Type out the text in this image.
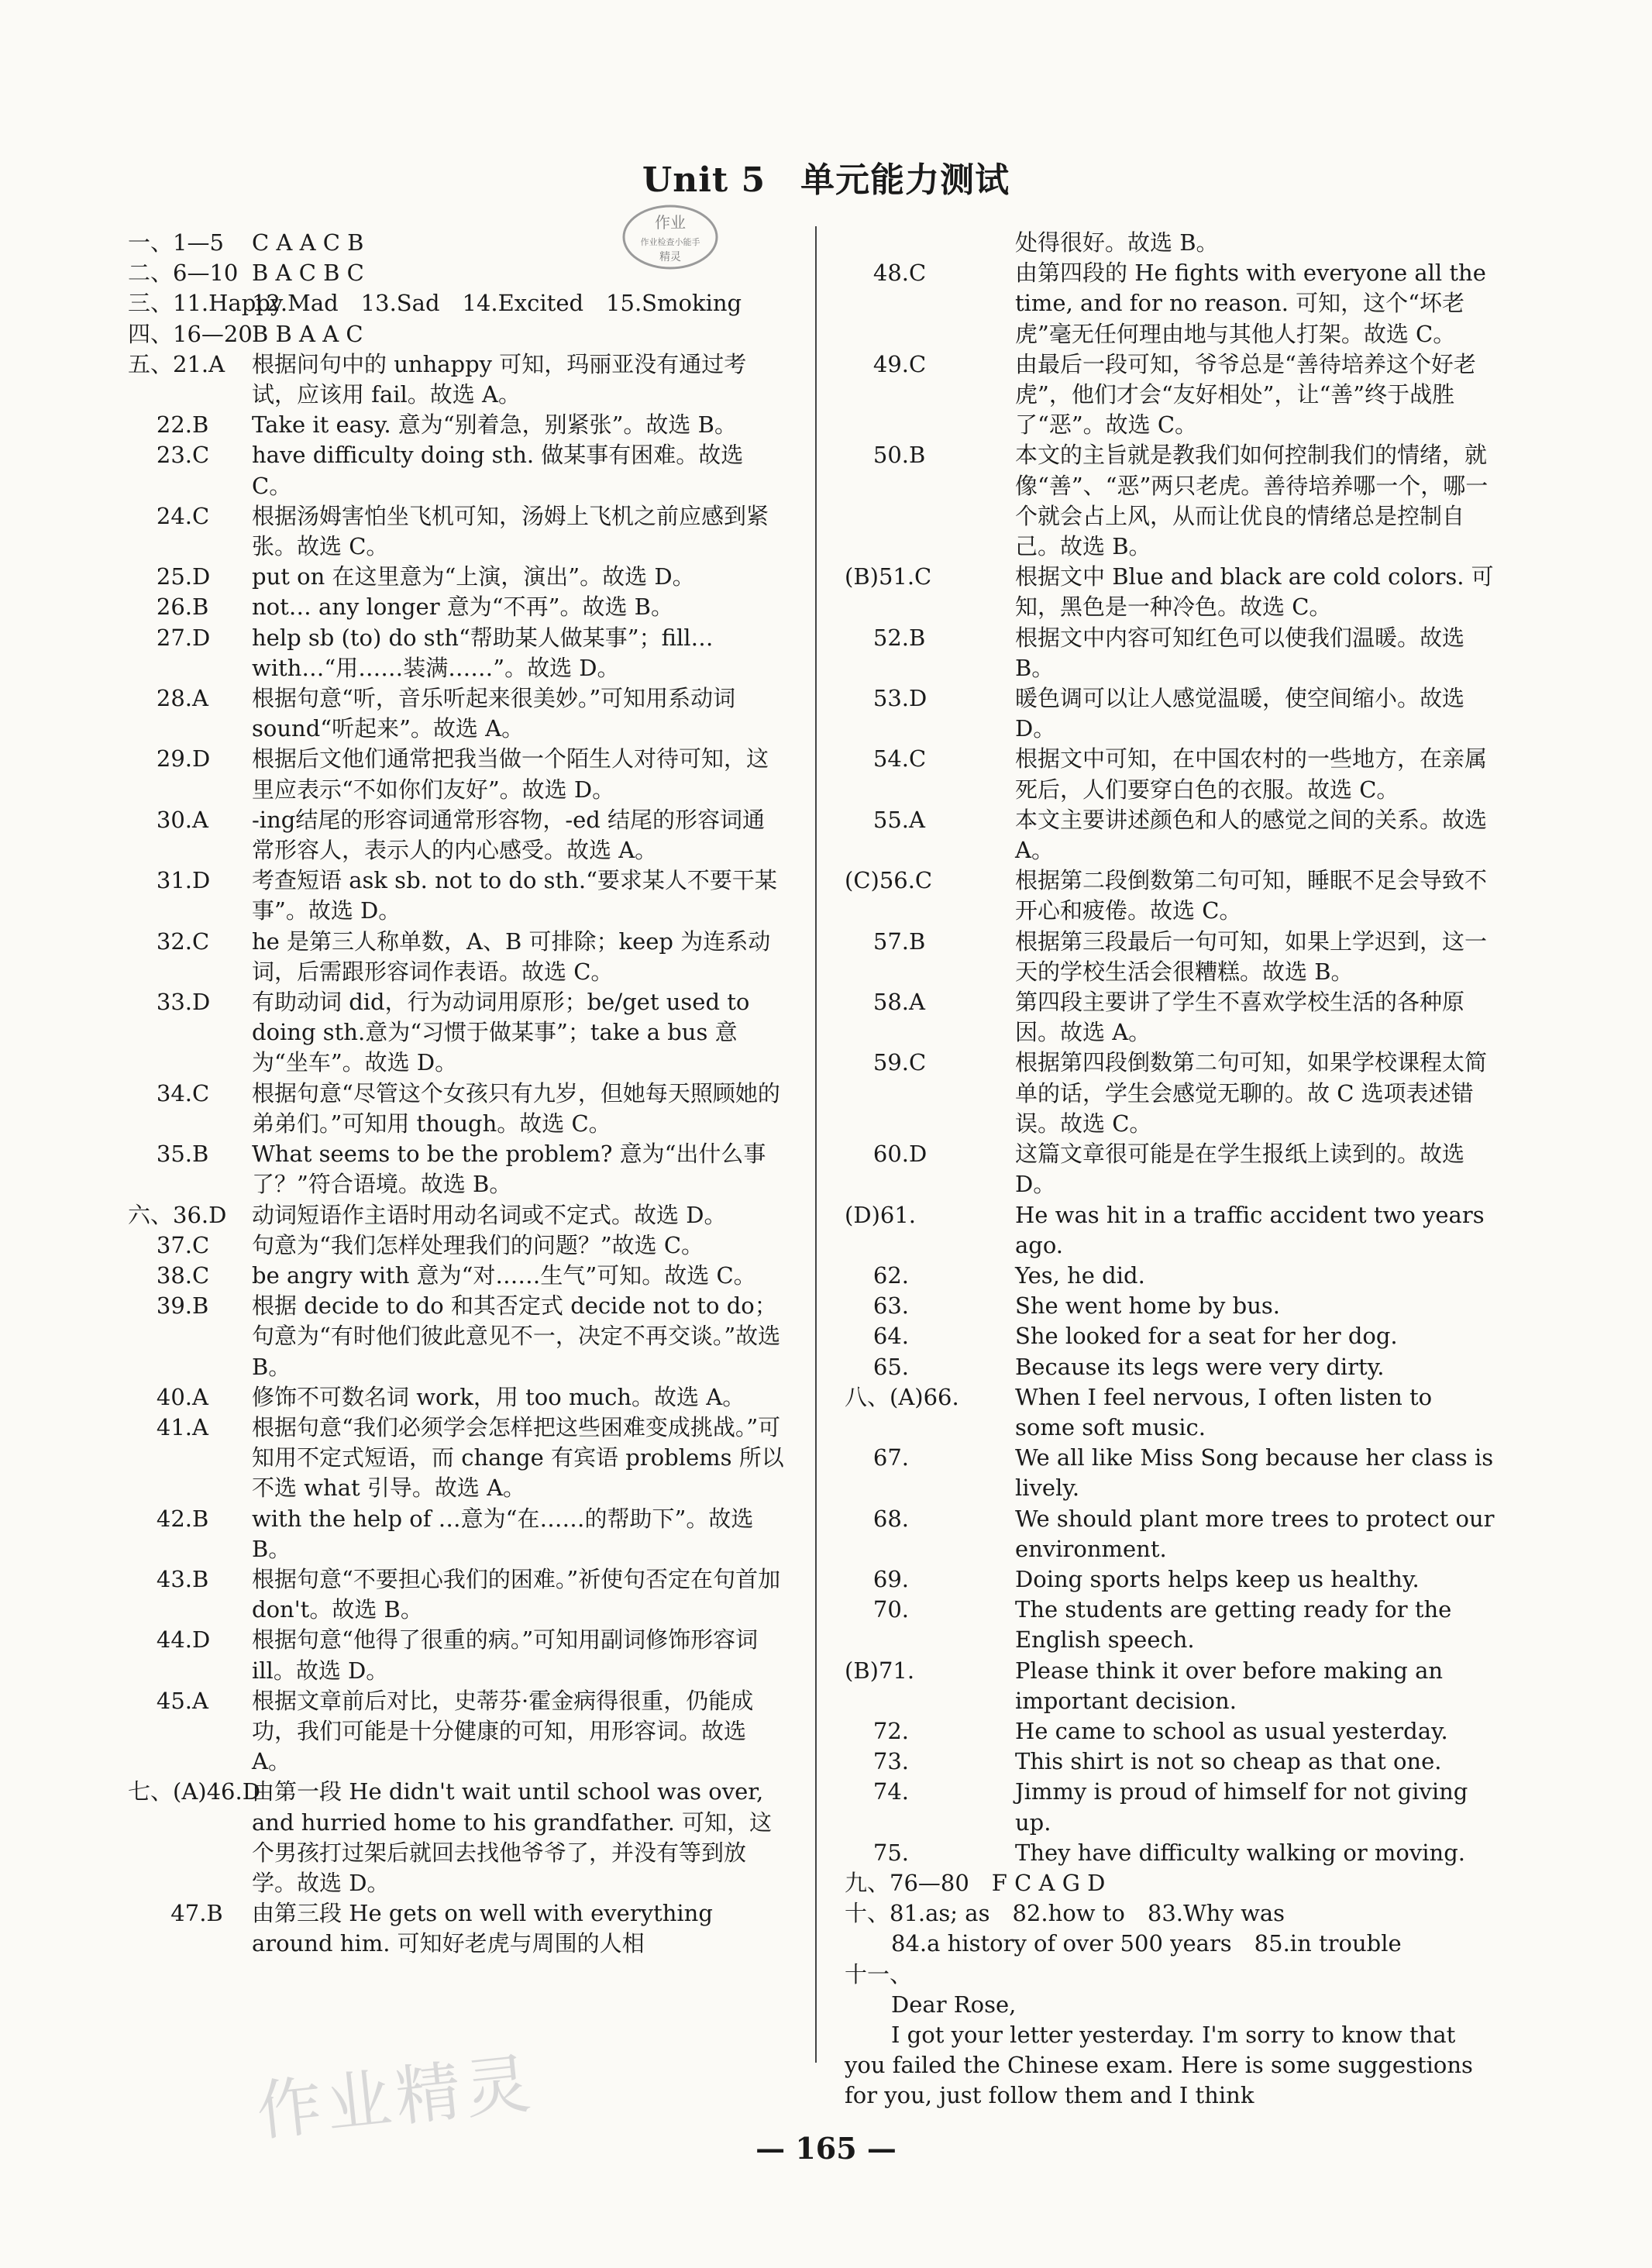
Unit 5　单元能力测试
作业
作业检查小能手
精灵
一、1—5	C A A C B
二、6—10 B A C B C
三、11.Happy
12.Mad　13.Sad　14.Excited　15.Smoking
四、16—20 B B A A C
五、21.A	根据问句中的 unhappy 可知，玛丽亚没有通过考试，应该用 fail。故选 A。
22.B	Take it easy. 意为“别着急，别紧张”。故选 B。
23.C	have difficulty doing sth. 做某事有困难。故选 C。
24.C	根据汤姆害怕坐飞机可知，汤姆上飞机之前应感到紧张。故选 C。
25.D	put on 在这里意为“上演，演出”。故选 D。
26.B	not… any longer 意为“不再”。故选 B。
27.D	help sb (to) do sth“帮助某人做某事”；fill… with…“用……装满……”。故选 D。
28.A	根据句意“听，音乐听起来很美妙。”可知用系动词 sound“听起来”。故选 A。
29.D	根据后文他们通常把我当做一个陌生人对待可知，这里应表示“不如你们友好”。故选 D。
30.A	-ing结尾的形容词通常形容物，-ed 结尾的形容词通常形容人，表示人的内心感受。故选 A。
31.D	考查短语 ask sb. not to do sth.“要求某人不要干某事”。故选 D。
32.C	he 是第三人称单数，A、B 可排除；keep 为连系动词，后需跟形容词作表语。故选 C。
33.D	有助动词 did，行为动词用原形；be/get used to doing sth.意为“习惯于做某事”；take a bus 意为“坐车”。故选 D。
34.C	根据句意“尽管这个女孩只有九岁，但她每天照顾她的弟弟们。”可知用 though。故选 C。
35.B	What seems to be the problem? 意为“出什么事了？”符合语境。故选 B。
六、36.D	动词短语作主语时用动名词或不定式。故选 D。
37.C	句意为“我们怎样处理我们的问题？”故选 C。
38.C	be angry with 意为“对……生气”可知。故选 C。
39.B	根据 decide to do 和其否定式 decide not to do；句意为“有时他们彼此意见不一，决定不再交谈。”故选 B。
40.A	修饰不可数名词 work，用 too much。故选 A。
41.A	根据句意“我们必须学会怎样把这些困难变成挑战。”可知用不定式短语，而 change 有宾语 problems 所以不选 what 引导。故选 A。
42.B	with the help of …意为“在……的帮助下”。故选 B。
43.B	根据句意“不要担心我们的困难。”祈使句否定在句首加 don't。故选 B。
44.D	根据句意“他得了很重的病。”可知用副词修饰形容词 ill。故选 D。
45.A	根据文章前后对比，史蒂芬·霍金病得很重，仍能成功，我们可能是十分健康的可知，用形容词。故选 A。
七、(A)46.D
由第一段 He didn't wait until school was over, and hurried home to his grandfather. 可知，这个男孩打过架后就回去找他爷爷了，并没有等到放学。故选 D。
47.B	由第三段 He gets on well with everything around him. 可知好老虎与周围的人相
处得很好。故选 B。
48.C	由第四段的 He fights with everyone all the time, and for no reason. 可知，这个“坏老虎”毫无任何理由地与其他人打架。故选 C。
49.C	由最后一段可知，爷爷总是“善待培养这个好老虎”，他们才会“友好相处”，让“善”终于战胜了“恶”。故选 C。
50.B	本文的主旨就是教我们如何控制我们的情绪，就像“善”、“恶”两只老虎。善待培养哪一个，哪一个就会占上风，从而让优良的情绪总是控制自己。故选 B。
(B)51.C	根据文中 Blue and black are cold colors. 可知，黑色是一种冷色。故选 C。
52.B	根据文中内容可知红色可以使我们温暖。故选 B。
53.D	暖色调可以让人感觉温暖，使空间缩小。故选 D。
54.C	根据文中可知，在中国农村的一些地方，在亲属死后，人们要穿白色的衣服。故选 C。
55.A	本文主要讲述颜色和人的感觉之间的关系。故选 A。
(C)56.C	根据第二段倒数第二句可知，睡眠不足会导致不开心和疲倦。故选 C。
57.B	根据第三段最后一句可知，如果上学迟到，这一天的学校生活会很糟糕。故选 B。
58.A	第四段主要讲了学生不喜欢学校生活的各种原因。故选 A。
59.C	根据第四段倒数第二句可知，如果学校课程太简单的话，学生会感觉无聊的。故 C 选项表述错误。故选 C。
60.D	这篇文章很可能是在学生报纸上读到的。故选 D。
(D)61.	He was hit in a traffic accident two years ago.
62.	Yes, he did.
63.	She went home by bus.
64.	She looked for a seat for her dog.
65.	Because its legs were very dirty.
八、(A)66.	When I feel nervous, I often listen to some soft music.
67.	We all like Miss Song because her class is lively.
68.	We should plant more trees to protect our environment.
69.	Doing sports helps keep us healthy.
70.	The students are getting ready for the English speech.
(B)71.	Please think it over before making an important decision.
72.	He came to school as usual yesterday.
73.	This shirt is not so cheap as that one.
74.	Jimmy is proud of himself for not giving up.
75.	They have difficulty walking or moving.
九、76—80　F C A G D
十、81.as; as　82.how to　83.Why was
84.a history of over 500 years　85.in trouble
十一、
Dear Rose,
I got your letter yesterday. I'm sorry to know that you failed the Chinese exam. Here is some suggestions for you, just follow them and I think
作业精灵	— 165 —
